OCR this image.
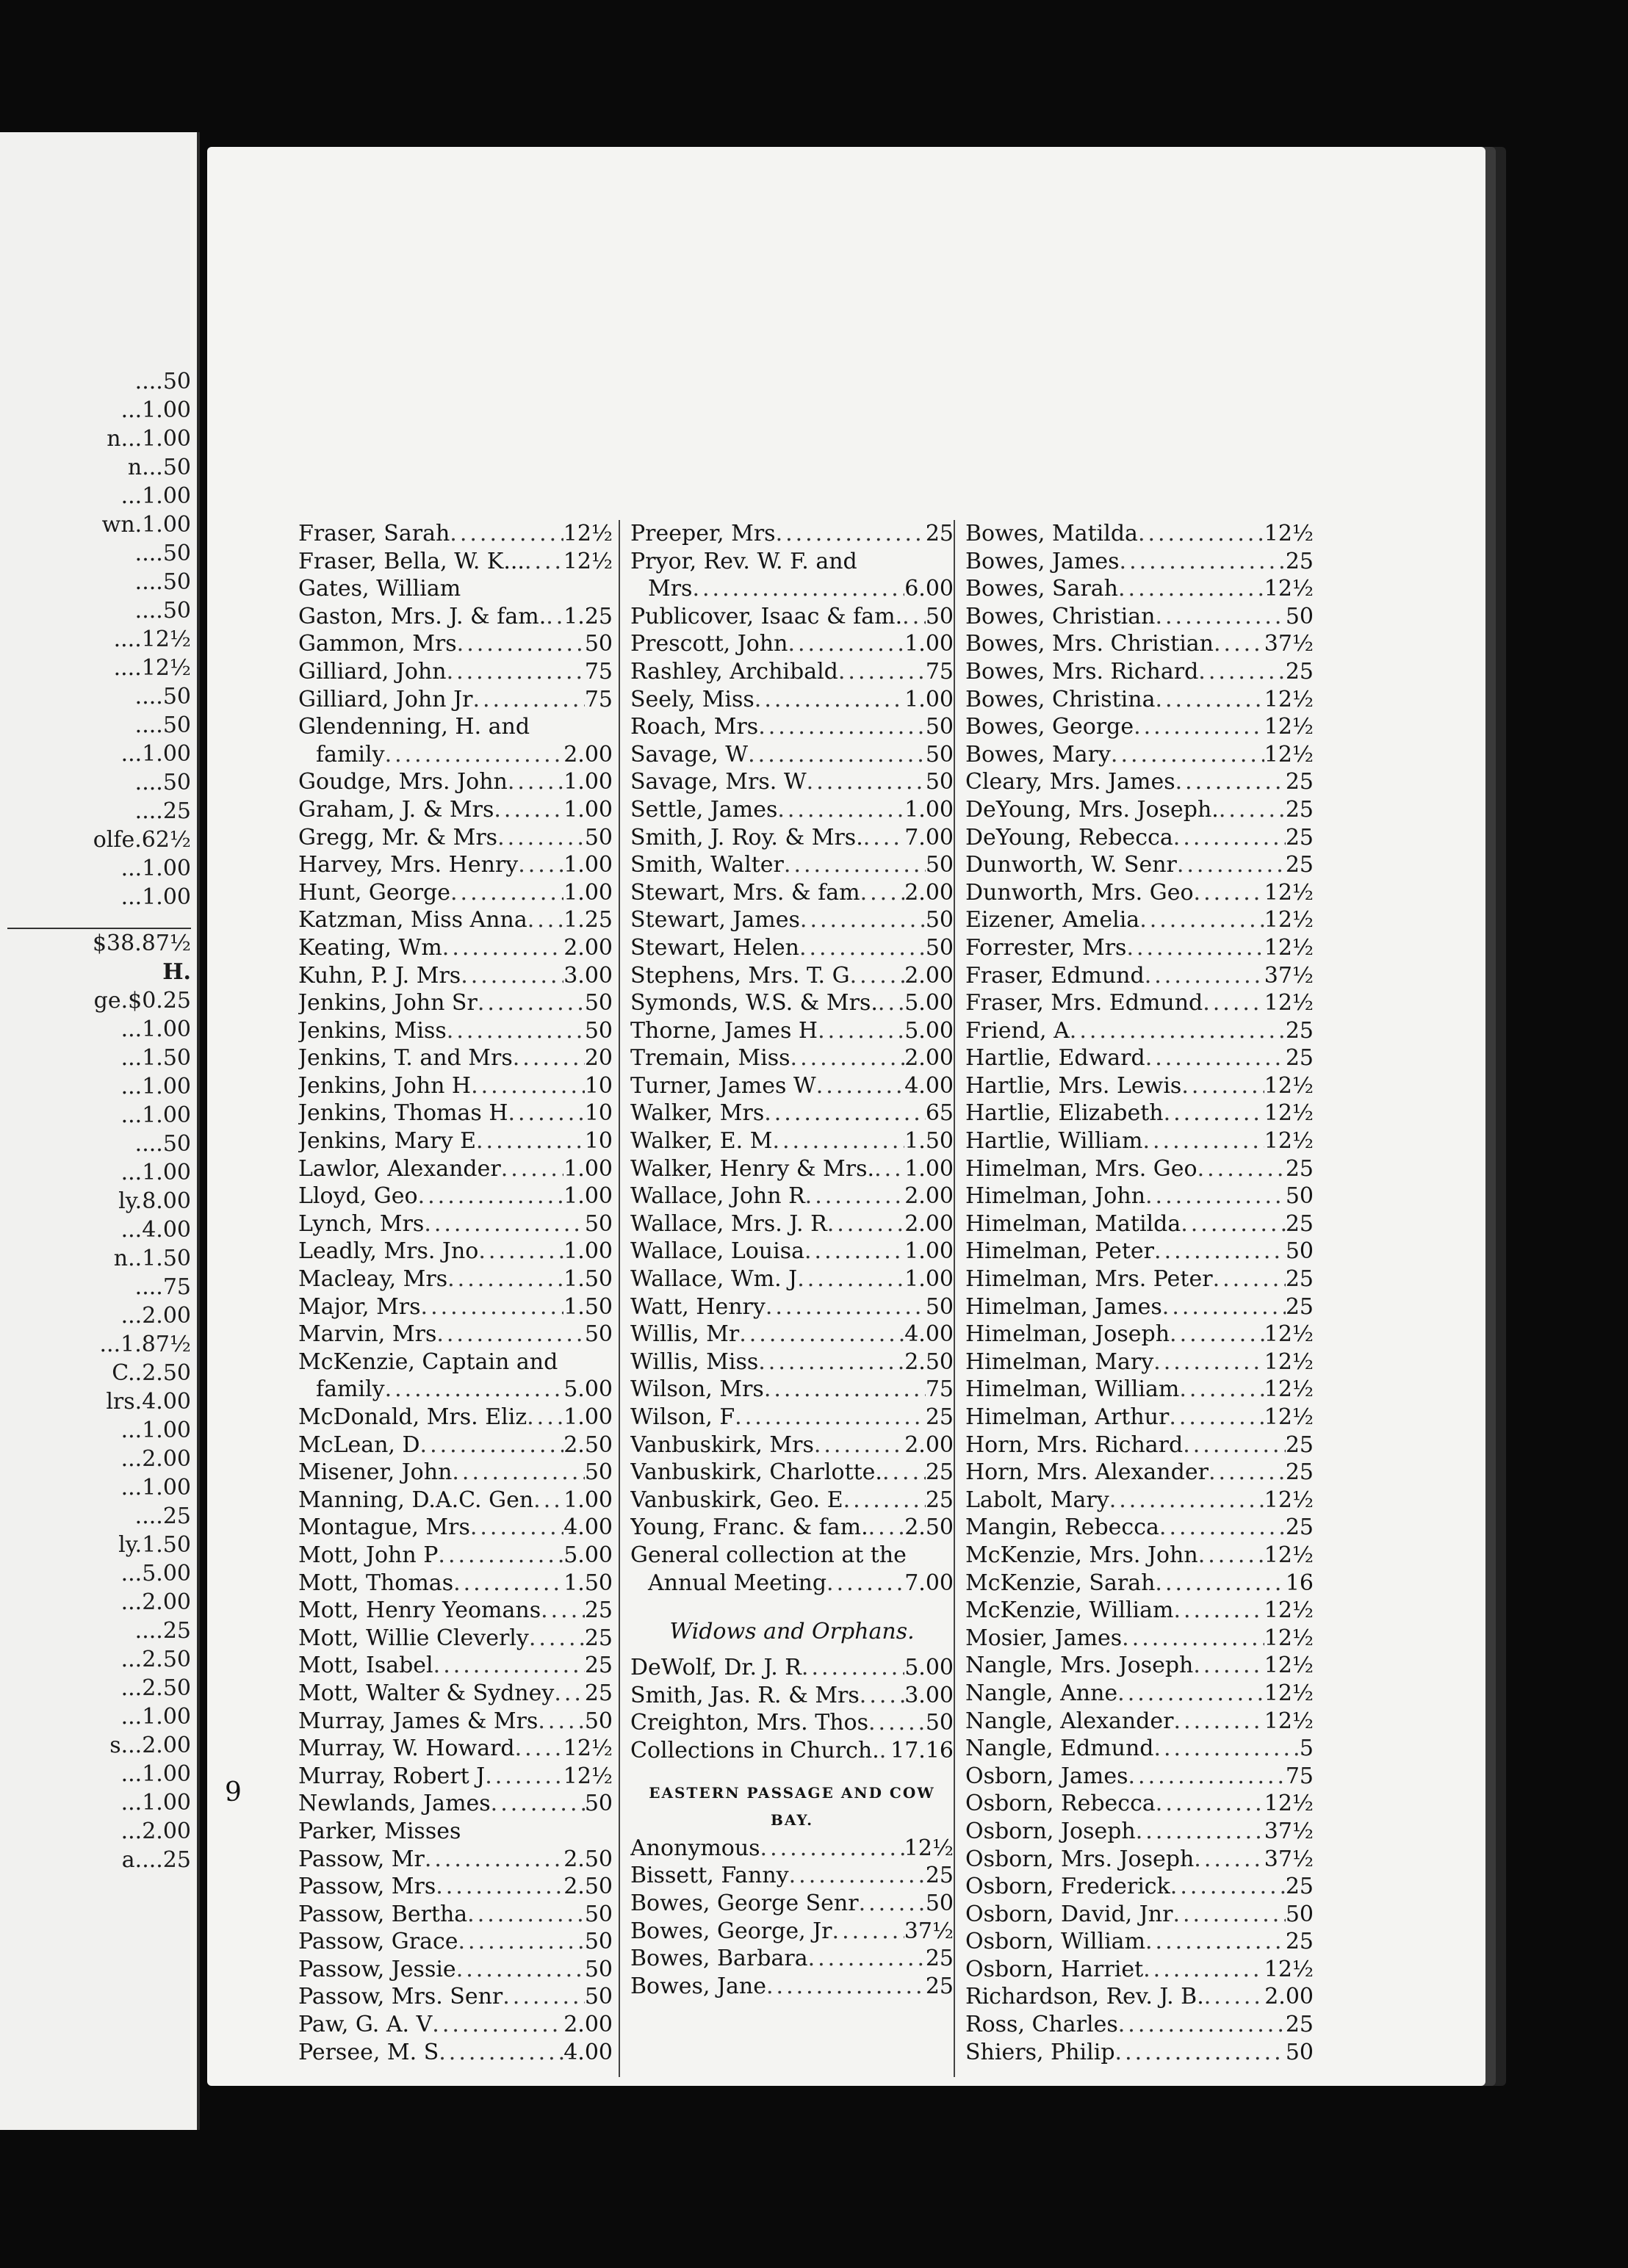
....50
...1.00
n...1.00
n...50
...1.00
wn.1.00
....50
....50
....50
....12½
....12½
....50
....50
...1.00
....50
....25
olfe.62½
...1.00
...1.00
$38.87½
H.
ge.$0.25
...1.00
...1.50
...1.00
...1.00
....50
...1.00
ly.8.00
...4.00
n..1.50
....75
...2.00
...1.87½
C..2.50
lrs.4.00
...1.00
...2.00
...1.00
....25
ly.1.50
...5.00
...2.00
....25
...2.50
...2.50
...1.00
s...2.00
...1.00
...1.00
...2.00
a....25
Fraser, Sarah .....	12½
Fraser, Bella, W. K... ..... 12½
Gates, William
Gaston, Mrs. J. & fam. ..... 1.25
Gammon, Mrs .....	50
Gilliard, John .....	75
Gilliard, John Jr .....	75
Glendenning, H. and
family .....	2.00
Goudge, Mrs. John .....	1.00
Graham, J. & Mrs .....	1.00
Gregg, Mr. & Mrs .....	50
Harvey, Mrs. Henry ..... 1.00
Hunt, George .....	1.00
Katzman, Miss Anna ..... 1.25
Keating, Wm .....	2.00
Kuhn, P. J. Mrs .....	3.00
Jenkins, John Sr .....	50
Jenkins, Miss .....	50
Jenkins, T. and Mrs .....	20
Jenkins, John H .....	10
Jenkins, Thomas H .....	10
Jenkins, Mary E .....	10
Lawlor, Alexander .....	1.00
Lloyd, Geo .....	1.00
Lynch, Mrs .....	50
Leadly, Mrs. Jno .....	1.00
Macleay, Mrs .....	1.50
Major, Mrs .....	1.50
Marvin, Mrs .....	50
McKenzie, Captain and
family .....	5.00
McDonald, Mrs. Eliz ..... 1.00
McLean, D .....	2.50
Misener, John .....	50
Manning, D.A.C. Gen ..... 1.00
Montague, Mrs .....	4.00
Mott, John P .....	5.00
Mott, Thomas .....	1.50
Mott, Henry Yeomans ..... 25
Mott, Willie Cleverly .....	25
Mott, Isabel .....	25
Mott, Walter & Sydney ..... 25
Murray, James & Mrs ..... 50
Murray, W. Howard ..... 12½
Murray, Robert J .....	12½
Newlands, James .....	50
Parker, Misses
Passow, Mr .....	2.50
Passow, Mrs .....	2.50
Passow, Bertha .....	50
Passow, Grace .....	50
Passow, Jessie .....	50
Passow, Mrs. Senr .....	50
Paw, G. A. V .....	2.00
Persee, M. S .....	4.00
Preeper, Mrs .....	25
Pryor, Rev. W. F. and
Mrs .....	6.00
Publicover, Isaac & fam. ..... 50
Prescott, John .....	1.00
Rashley, Archibald .....	75
Seely, Miss .....	1.00
Roach, Mrs .....	50
Savage, W .....	50
Savage, Mrs. W .....	50
Settle, James .....	1.00
Smith, J. Roy. & Mrs. ..... 7.00
Smith, Walter .....	50
Stewart, Mrs. & fam ..... 2.00
Stewart, James .....	50
Stewart, Helen .....	50
Stephens, Mrs. T. G ..... 2.00
Symonds, W.S. & Mrs. ..... 5.00
Thorne, James H .....	5.00
Tremain, Miss .....	2.00
Turner, James W .....	4.00
Walker, Mrs .....	65
Walker, E. M .....	1.50
Walker, Henry & Mrs. ..... 1.00
Wallace, John R .....	2.00
Wallace, Mrs. J. R .....	2.00
Wallace, Louisa .....	1.00
Wallace, Wm. J .....	1.00
Watt, Henry .....	50
Willis, Mr .....	4.00
Willis, Miss .....	2.50
Wilson, Mrs .....	75
Wilson, F .....	25
Vanbuskirk, Mrs .....	2.00
Vanbuskirk, Charlotte. ..... 25
Vanbuskirk, Geo. E .....	25
Young, Franc. & fam. ..... 2.50
General collection at the
Annual Meeting .....	7.00
Widows and Orphans.
DeWolf, Dr. J. R .....	5.00
Smith, Jas. R. & Mrs ..... 3.00
Creighton, Mrs. Thos .....	50
Collections in Church. ..... 17.16
EASTERN PASSAGE AND COW
BAY.
Anonymous .....	12½
Bissett, Fanny .....	25
Bowes, George Senr .....	50
Bowes, George, Jr .....	37½
Bowes, Barbara .....	25
Bowes, Jane .....	25
Bowes, Matilda .....	12½
Bowes, James .....	25
Bowes, Sarah .....	12½
Bowes, Christian .....	50
Bowes, Mrs. Christian ..... 37½
Bowes, Mrs. Richard .....	25
Bowes, Christina .....	12½
Bowes, George .....	12½
Bowes, Mary .....	12½
Cleary, Mrs. James .....	25
DeYoung, Mrs. Joseph. .....	25
DeYoung, Rebecca .....	25
Dunworth, W. Senr .....	25
Dunworth, Mrs. Geo .....	12½
Eizener, Amelia .....	12½
Forrester, Mrs .....	12½
Fraser, Edmund .....	37½
Fraser, Mrs. Edmund .....	12½
Friend, A .....	25
Hartlie, Edward .....	25
Hartlie, Mrs. Lewis .....	12½
Hartlie, Elizabeth .....	12½
Hartlie, William .....	12½
Himelman, Mrs. Geo .....	25
Himelman, John .....	50
Himelman, Matilda .....	25
Himelman, Peter .....	50
Himelman, Mrs. Peter .....	25
Himelman, James .....	25
Himelman, Joseph .....	12½
Himelman, Mary .....	12½
Himelman, William .....	12½
Himelman, Arthur .....	12½
Horn, Mrs. Richard .....	25
Horn, Mrs. Alexander .....	25
Labolt, Mary .....	12½
Mangin, Rebecca .....	25
McKenzie, Mrs. John .....	12½
McKenzie, Sarah .....	16
McKenzie, William .....	12½
Mosier, James .....	12½
Nangle, Mrs. Joseph .....	12½
Nangle, Anne .....	12½
Nangle, Alexander .....	12½
Nangle, Edmund .....	5
Osborn, James .....	75
Osborn, Rebecca .....	12½
Osborn, Joseph .....	37½
Osborn, Mrs. Joseph .....	37½
Osborn, Frederick .....	25
Osborn, David, Jnr .....	50
Osborn, William .....	25
Osborn, Harriet .....	12½
Richardson, Rev. J. B. .....	2.00
Ross, Charles .....	25
Shiers, Philip .....	50
9
